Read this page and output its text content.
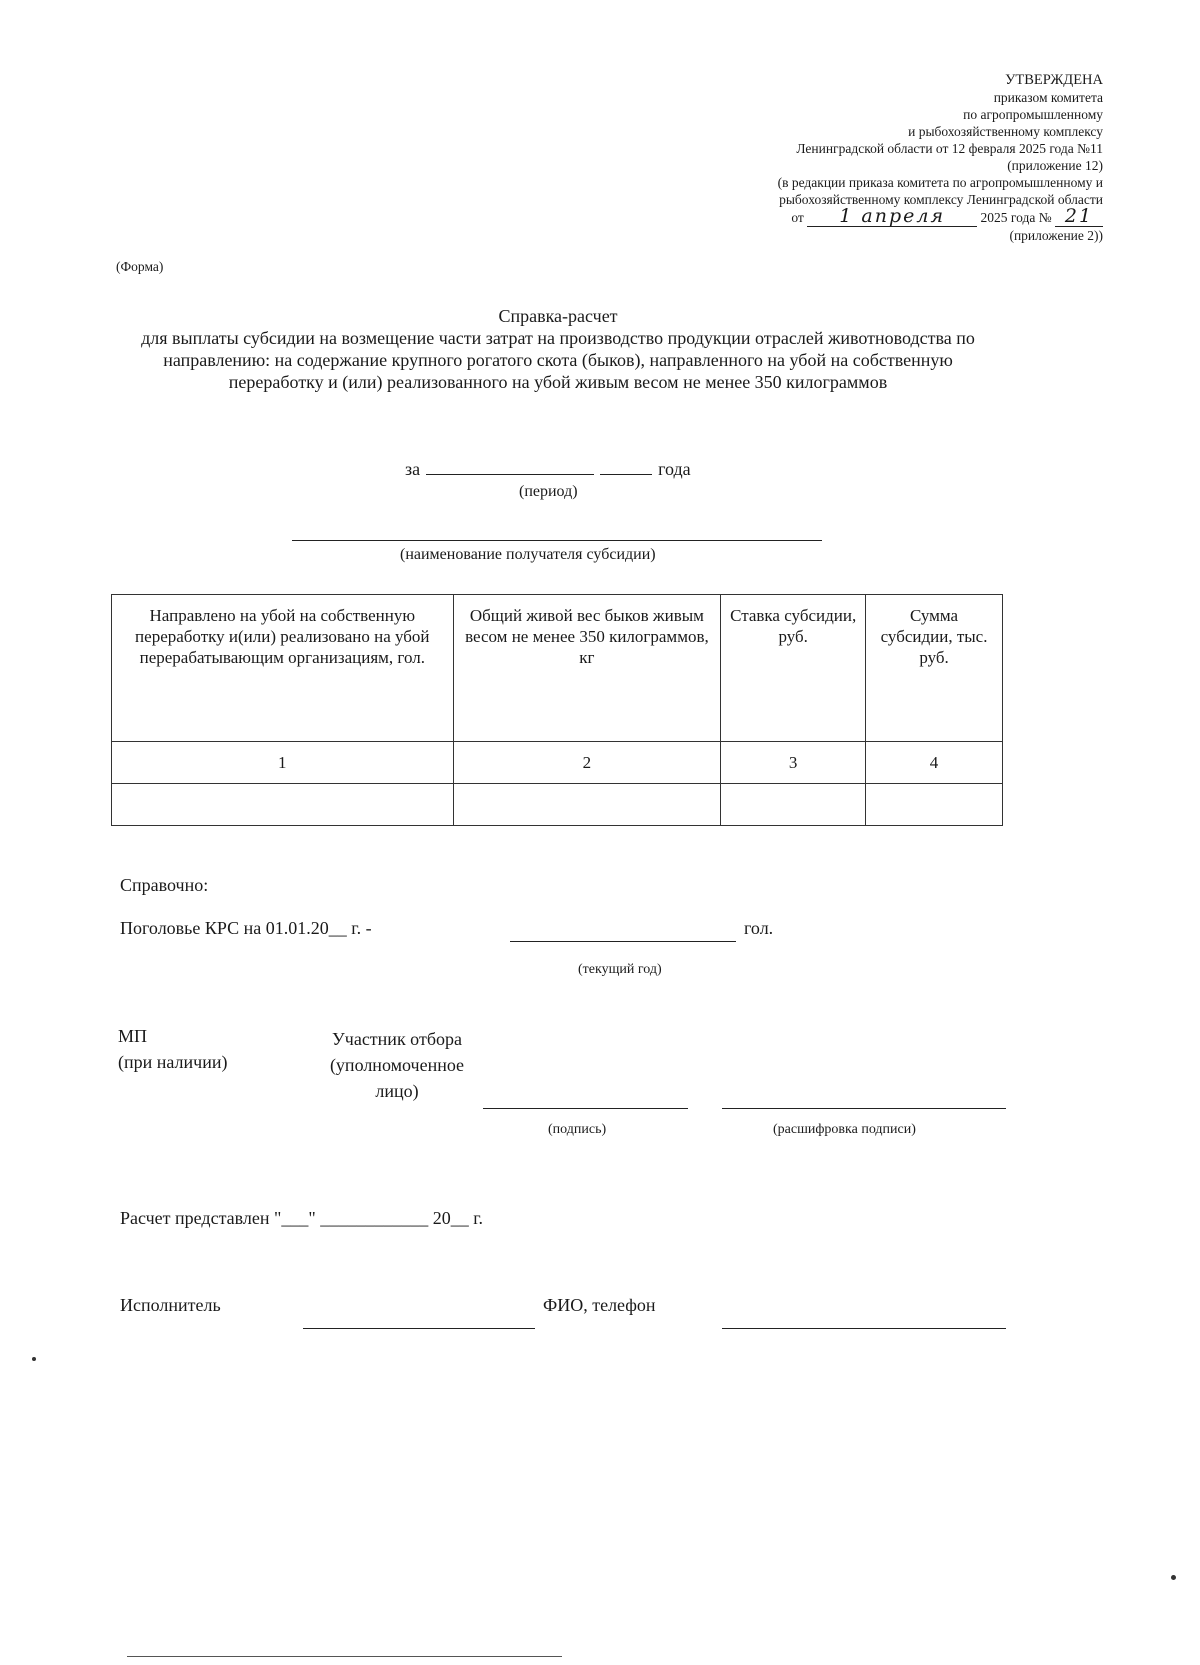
УТВЕРЖДЕНА
приказом комитета
по агропромышленному
и рыбохозяйственному комплексу
Ленинградской области от 12 февраля 2025 года №11
(приложение 12)
(в редакции приказа комитета по агропромышленному и
рыбохозяйственному комплексу Ленинградской области
от 1 апреля	2025 года № 21
(приложение 2))
(Форма)
Справка-расчет
для выплаты субсидии на возмещение части затрат на производство продукции отраслей животноводства по направлению: на содержание крупного рогатого скота (быков), направленного на убой на собственную переработку и (или) реализованного на убой живым весом не менее 350 килограммов
за	года
(период)
(наименование получателя субсидии)
Направлено на убой на собственную переработку и(или) реализовано на убой перерабатывающим организациям, гол.	Общий живой вес быков живым весом не менее 350 килограммов, кг	Ставка субсидии, руб.	Сумма субсидии, тыс. руб.
1	2	3	4

Справочно:
Поголовье КРС на 01.01.20__ г. -	гол.
(текущий год)
МП
(при наличии)
Участник отбора
(уполномоченное
лицо)
(подпись)	(расшифровка подписи)
Расчет представлен "___" ____________ 20__ г.
Исполнитель	ФИО, телефон
